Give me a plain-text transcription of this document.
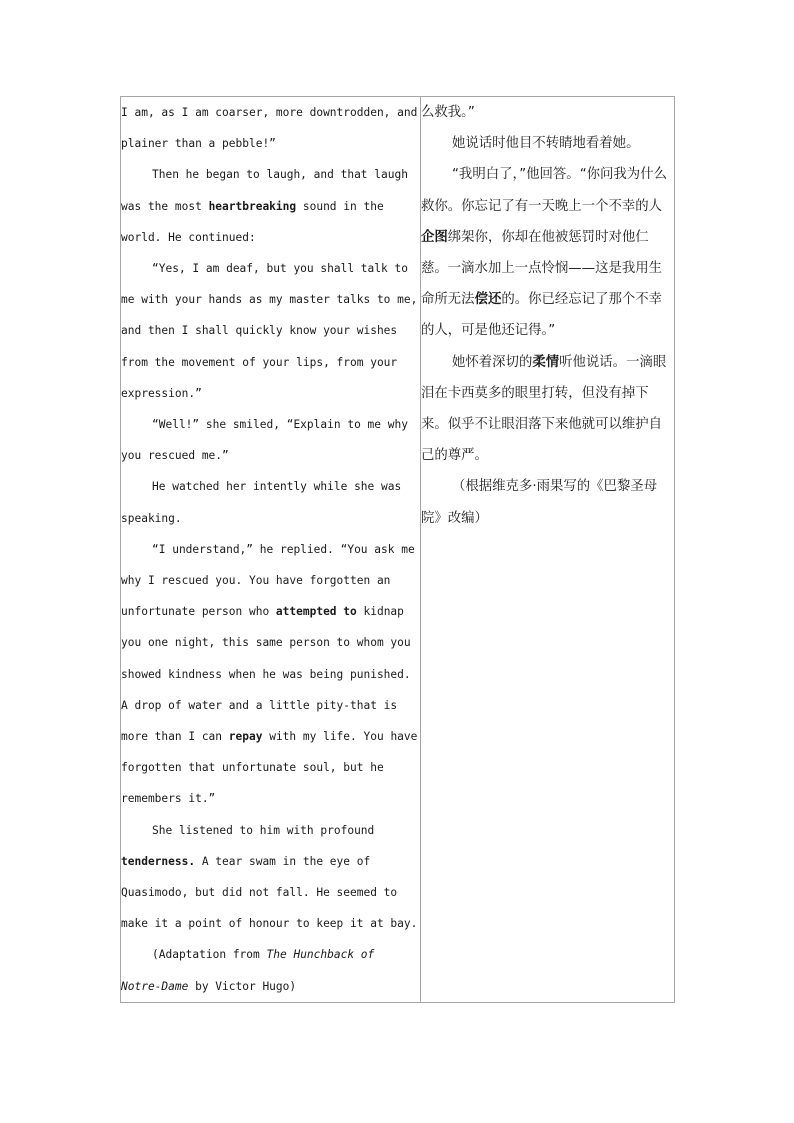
I am, as I am coarser, more downtrodden, and plainer than a pebble!”

Then he began to laugh, and that laugh was the most heartbreaking sound in the world. He continued:

“Yes, I am deaf, but you shall talk to me with your hands as my master talks to me, and then I shall quickly know your wishes from the movement of your lips, from your expression.”

“Well!” she smiled, “Explain to me why you rescued me.”

He watched her intently while she was speaking.

“I understand,” he replied. “You ask me why I rescued you. You have forgotten an unfortunate person who attempted to kidnap you one night, this same person to whom you showed kindness when he was being punished. A drop of water and a little pity-that is more than I can repay with my life. You have forgotten that unfortunate soul, but he remembers it.”

She listened to him with profound tenderness. A tear swam in the eye of Quasimodo, but did not fall. He seemed to make it a point of honour to keep it at bay.

(Adaptation from The Hunchback of Notre-Dame by Victor Hugo)

么救我。”

她说话时他目不转睛地看着她。

“我明白了，”他回答。“你问我为什么救你。你忘记了有一天晚上一个不幸的人企图绑架你，你却在他被惩罚时对他仁慈。一滴水加上一点怜悯——这是我用生命所无法偿还的。你已经忘记了那个不幸的人，可是他还记得。”

她怀着深切的柔情听他说话。一滴眼泪在卡西莫多的眼里打转，但没有掉下来。似乎不让眼泪落下来他就可以维护自己的尊严。

（根据维克多·雨果写的《巴黎圣母院》改编）
